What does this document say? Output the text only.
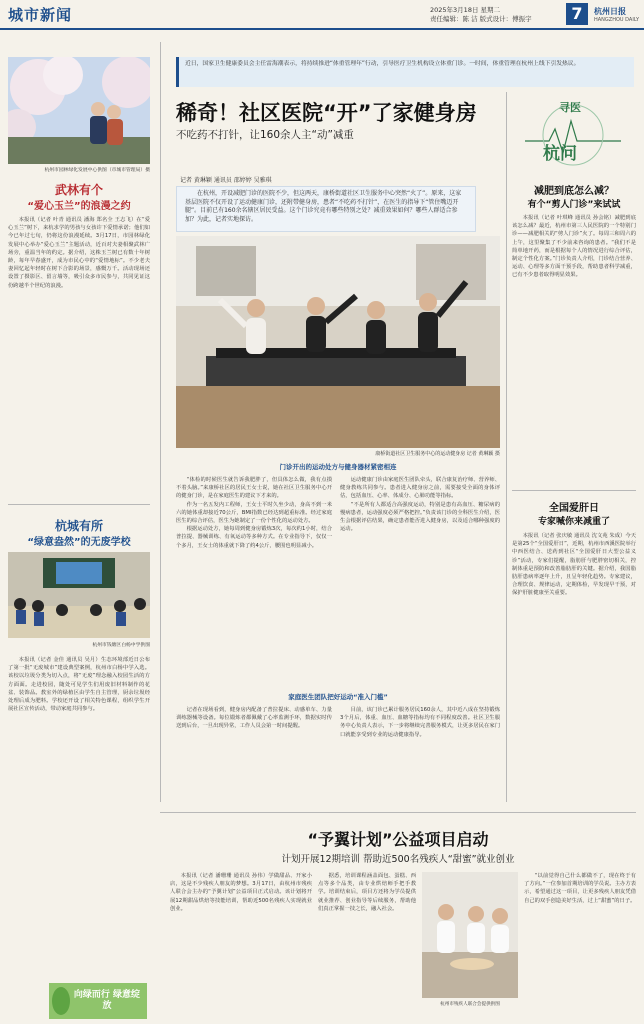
城市新闻	2025年3月18日 星期二
责任编辑：陈 洁 版式设计：傅振宇	7	杭州日报
HANGZHOU DAILY
杭州市园林绿化发展中心供图（市城市管理局）摄
武林有个
“爱心玉兰”的浪漫之约

本报讯（记者 叶青 通讯员 潘海 郑名全 王志飞）在“爱心玉兰”树下，来杭求学的男孩与女孩许下爱情承诺；他们如今已年过七旬，仍将这份浪漫延续。3月17日，市园林绿化发展中心举办“爱心玉兰”主题活动，近百对夫妻相聚武林广场旁，重温当年的约定。据介绍，这株玉兰树已有数十年树龄，每年早春盛开，成为市民心中的“爱情地标”。不少老夫妻回忆起年轻时在树下合影的场景，感慨万千。活动现场还设置了摄影区、留言墙等，吸引众多市民参与，共同见证这份跨越半个世纪的浪漫。

杭城有所
“绿意盎然”的无废学校
杭州市钱塘区白杨中学供图

本报讯（记者 金佳 通讯员 吴月）生态环境部近日公布了第一批“无废城市”建设典型案例，杭州市白杨中学入选。该校以垃圾分类为切入点，将“无废”理念融入校园生活的方方面面。走进校园，随处可见学生们用废旧材料制作的花盆、装饰品。教室外的绿植区由学生自主管理，厨余垃圾经处理后成为肥料。学校还开设了相关特色课程，组织学生开展社区宣传活动，带动家庭共同参与。

向绿而行 绿意绽放
近日，国家卫生健康委员会主任雷海潮表示，将持续推进“体重管理年”行动，引导医疗卫生机构设立体重门诊。一时间，体重管理在杭州上线下引发热议。
稀奇！社区医院“开”了家健身房
不吃药不打针，让160余人主“动”减重
记者 黄琳颖 通讯员 邵婷婷 吴雅琪

在杭州，开设减肥门诊的医院不少，但这两天，康桥街道社区卫生服务中心突然“火了”。原来，这家基层医院不仅开设了运动健康门诊，还附带健身房，患者“不吃药不打针”，在医生的指导下“管住嘴迈开腿”。目前已有160余名辖区居民受益。这个门诊究竟有哪些特别之处？减重效果如何？哪些人群适合参加？为此，记者实地探访。

寻医
杭问
康桥街道社区卫生服务中心的运动健身房 记者 黄琳颖 摄
门诊开出的运动处方与健身器材紧密相连

“体检的时候医生就告诉我肥胖了，但具体怎么做，我有点摸不着头脑。”来康桥社区的居民王女士说，她在社区卫生服务中心开的健身门诊，是在家庭医生的建议下才来的。

作为一名五发内工程师，王女士平时久坐少动，身高不到一米六的她体重却接近70公斤，BMI指数已经达到超重标准。经过家庭医生的综合评估，医生为她制定了一份个性化的运动处方。

根据运动处方，她每周到健身房锻炼3次，每次约1小时，结合普拉提、器械训练、有氧运动等多种方式。在专业指导下，仅仅一个多月，王女士的体重就下降了约4公斤，腰围也明显减小。

运动健康门诊由家庭医生团队牵头，联合康复治疗师、营养师、健身教练共同参与。患者进入健身房之前，需要接受全面的身体评估，包括血压、心率、体成分、心肺功能等指标。

“不是所有人都适合高强度运动，特别是患有高血压、糖尿病的慢病患者，运动强度必须严格把控。”负责该门诊的全科医生介绍，医生会根据评估结果，确定患者能否进入健身房，以及适合哪种强度的运动。

家庭医生团队把好运动“准入门槛”

记者在现场看到，健身房内配备了普拉提床、动感单车、力量训练器械等设备。每位锻炼者都佩戴了心率监测手环，数据实时传送到后台，一旦出现异常，工作人员会第一时间提醒。

目前，该门诊已累计服务居民160余人，其中近八成在坚持锻炼3个月后，体重、血压、血糖等指标均有不同程度改善。社区卫生服务中心负责人表示，下一步将继续完善服务模式，让更多居民在家门口就能享受到专业的运动健康指导。

减肥到底怎么减？
有个“剪人门诊”来试试

本报讯（记者 叶琪峰 通讯员 孙会铭）减肥到底该怎么减？最近，杭州市第三人民医院的一个特别门诊——减肥相关的“剪人门诊”火了。每周三和周六的上午，这里聚集了不少前来咨询的患者。“我们不是简单地开药，而是根据每个人的情况进行综合评估，制定个性化方案。”门诊负责人介绍，门诊结合营养、运动、心理等多方面干预手段，帮助患者科学减重，已有不少患者取得明显效果。

全国爱肝日
专家喊你来减重了

本报讯（记者 张庆敏 通讯员 沈文苑 朱成）今天是第25个“全国爱肝日”，近期，杭州市西溪医院举行中西医结合、送药到社区“全国爱肝日大型公益义诊”活动，专家们提醒，脂肪肝与肥胖密切相关，控制体重是预防和改善脂肪肝的关键。据介绍，我国脂肪肝患病率逐年上升，且呈年轻化趋势。专家建议，合理饮食、规律运动，定期体检，早发现早干预，对保护肝脏健康至关重要。

“予翼计划”公益项目启动
计划开展12期培训 帮助近500名残疾人“甜蜜”就业创业

本报讯（记者 潘珊珊 通讯员 孙伟）学做甜品、开家小店，这是不少残疾人朋友的梦想。3月17日，由杭州市残疾人联合会主办的“予翼计划”公益项目正式启动。该计划将开展12期甜品烘焙等技能培训，帮助近500名残疾人实现就业创业。

据悉，培训课程涵盖面包、蛋糕、西点等多个品类，由专业烘焙师手把手教学。培训结束后，项目方还将为学员提供就业推荐、创业指导等后续服务，帮助他们真正掌握一技之长，融入社会。

杭州市残疾人联合会提供供图

“以前觉得自己什么都做不了，现在终于有了方向。”一位参加首期培训的学员说。主办方表示，希望通过这一项目，让更多残疾人朋友凭借自己的双手创造美好生活，过上“甜蜜”的日子。
